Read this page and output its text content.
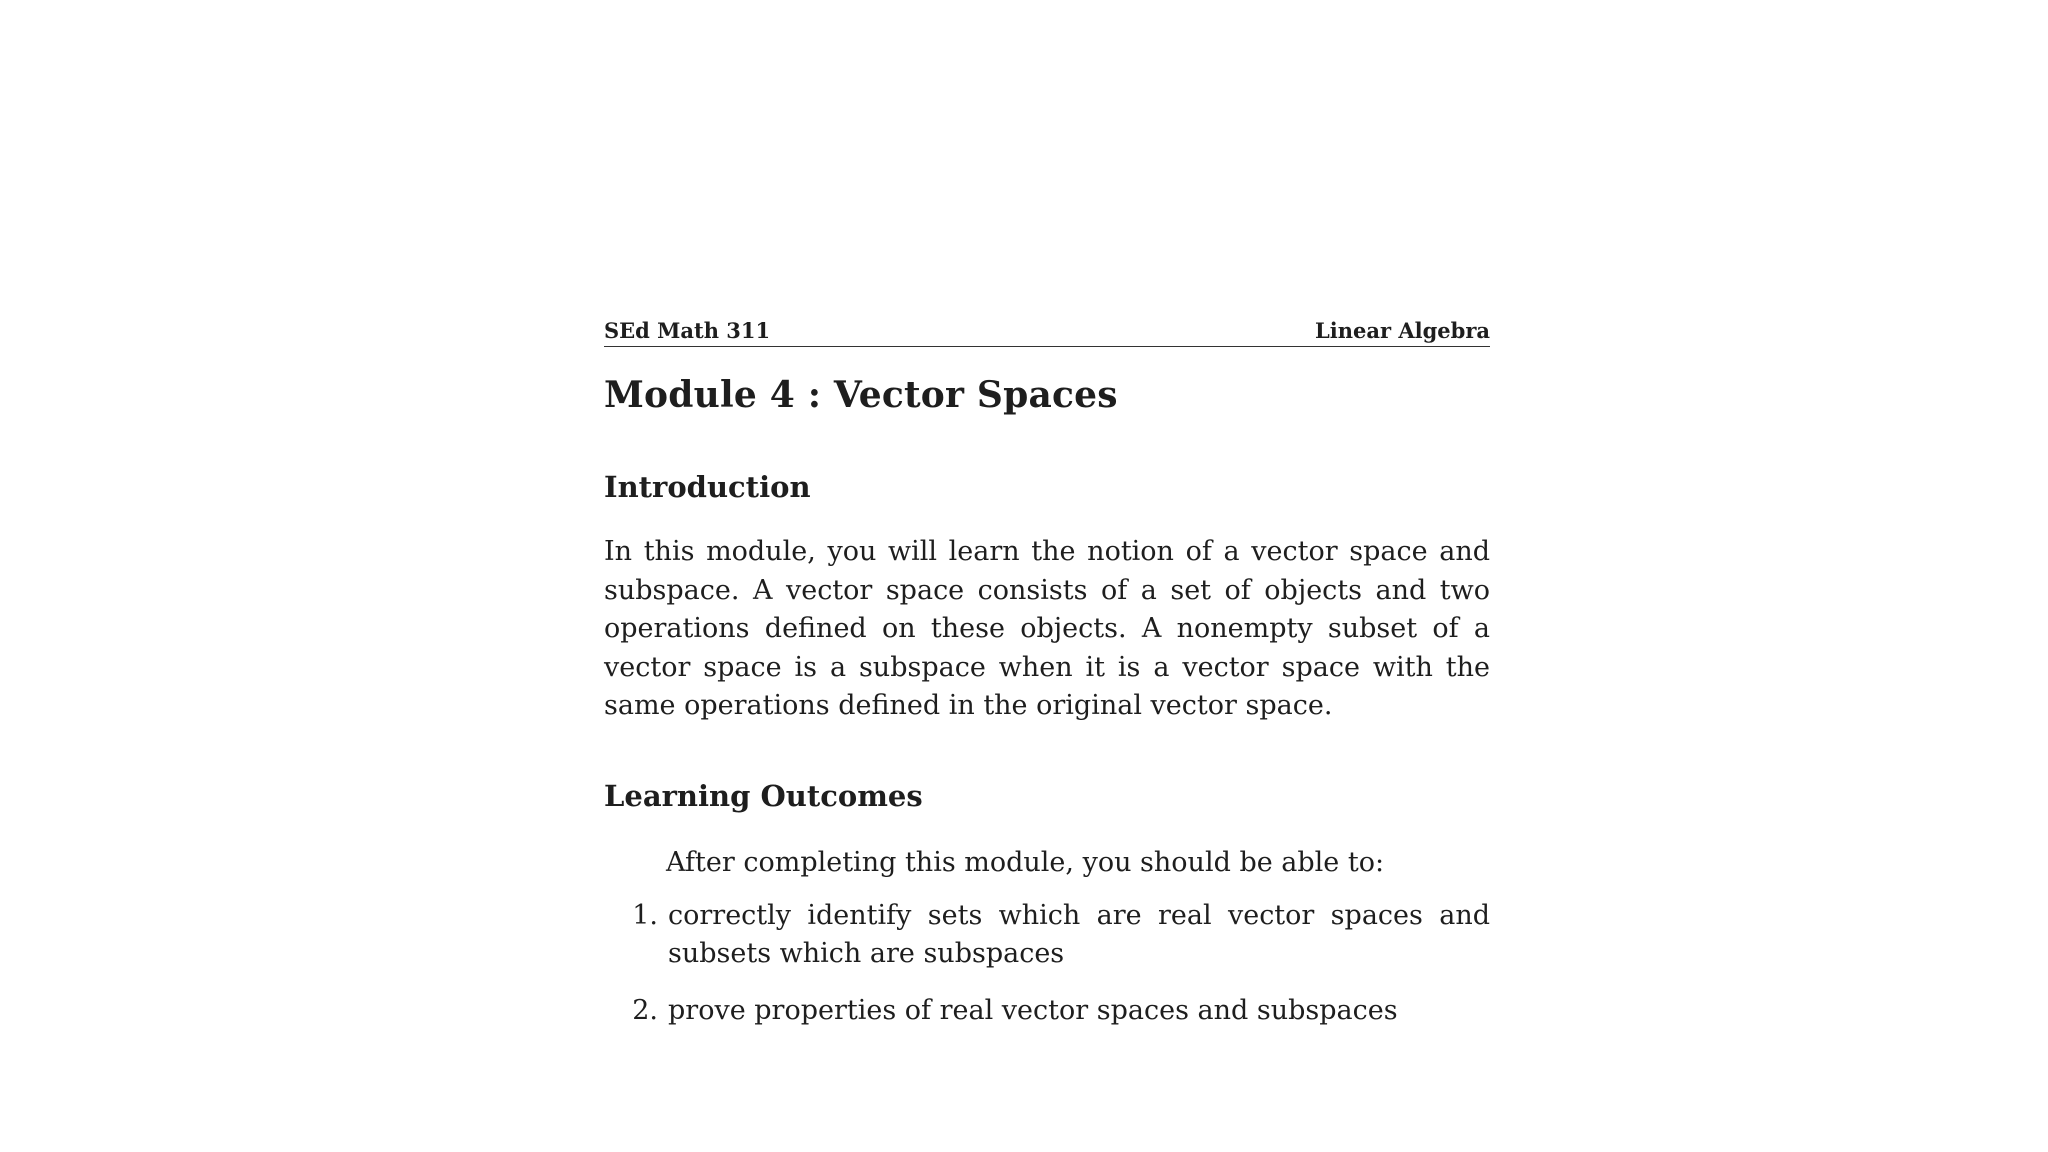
SEd Math 311	Linear Algebra
Module 4 : Vector Spaces
Introduction

In this module, you will learn the notion of a vector space and subspace. A vector space consists of a set of objects and two operations defined on these objects. A nonempty subset of a vector space is a subspace when it is a vector space with the same operations defined in the original vector space.

Learning Outcomes

After completing this module, you should be able to:

1. correctly identify sets which are real vector spaces and subsets which are subspaces
2. prove properties of real vector spaces and subspaces
